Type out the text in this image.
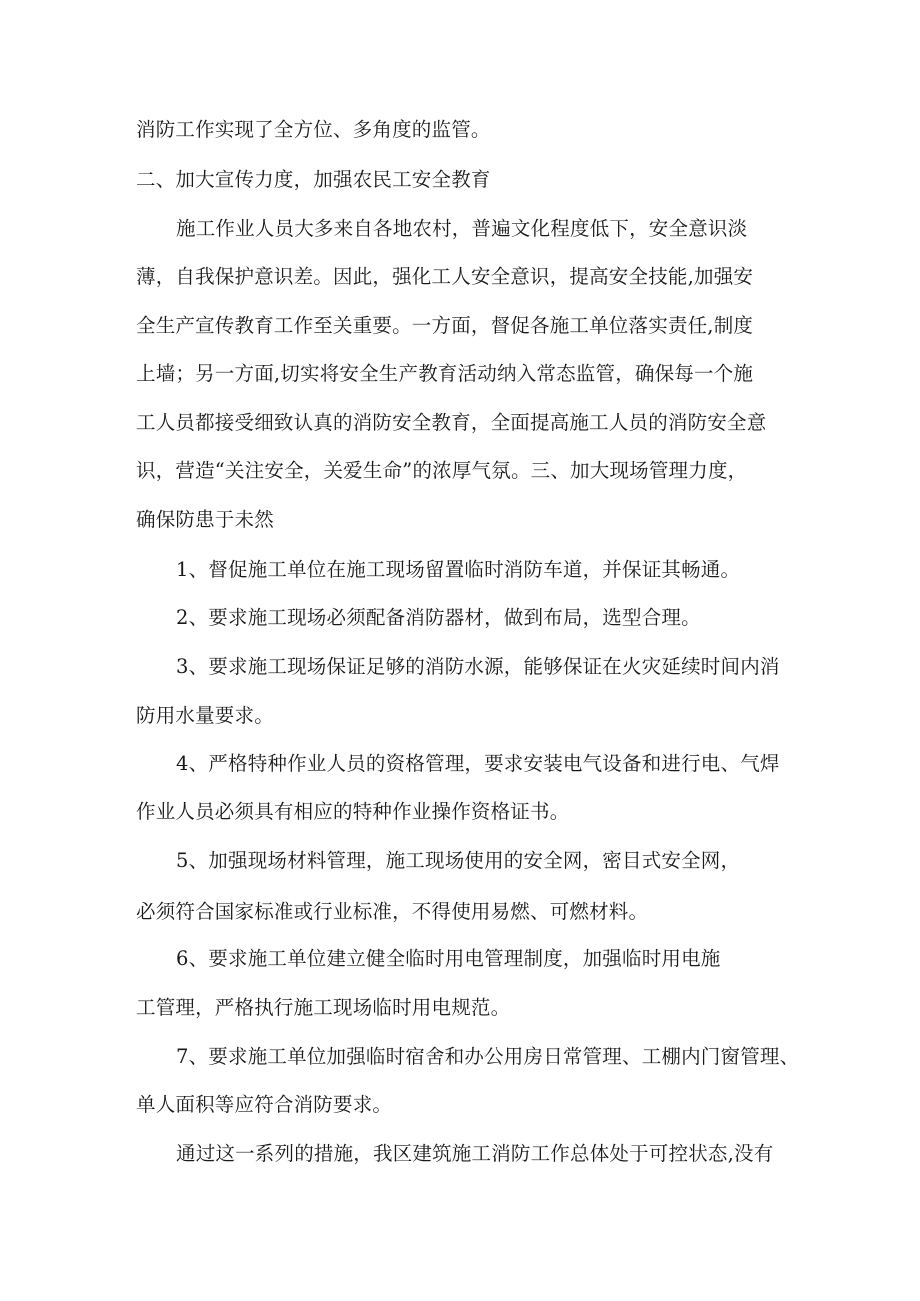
消防工作实现了全方位、多角度的监管。
二、加大宣传力度，加强农民工安全教育
施工作业人员大多来自各地农村，普遍文化程度低下，安全意识淡
薄，自我保护意识差。因此，强化工人安全意识，提高安全技能,加强安
全生产宣传教育工作至关重要。一方面，督促各施工单位落实责任,制度
上墙；另一方面,切实将安全生产教育活动纳入常态监管，确保每一个施
工人员都接受细致认真的消防安全教育，全面提高施工人员的消防安全意
识，营造“关注安全，关爱生命”的浓厚气氛。三、加大现场管理力度，
确保防患于未然
1、督促施工单位在施工现场留置临时消防车道，并保证其畅通。
2、要求施工现场必须配备消防器材，做到布局，选型合理。
3、要求施工现场保证足够的消防水源，能够保证在火灾延续时间内消
防用水量要求。
4、严格特种作业人员的资格管理，要求安装电气设备和进行电、气焊
作业人员必须具有相应的特种作业操作资格证书。
5、加强现场材料管理，施工现场使用的安全网，密目式安全网，
必须符合国家标准或行业标准，不得使用易燃、可燃材料。
6、要求施工单位建立健全临时用电管理制度，加强临时用电施
工管理，严格执行施工现场临时用电规范。
7、要求施工单位加强临时宿舍和办公用房日常管理、工棚内门窗管理、
单人面积等应符合消防要求。
通过这一系列的措施，我区建筑施工消防工作总体处于可控状态,没有
